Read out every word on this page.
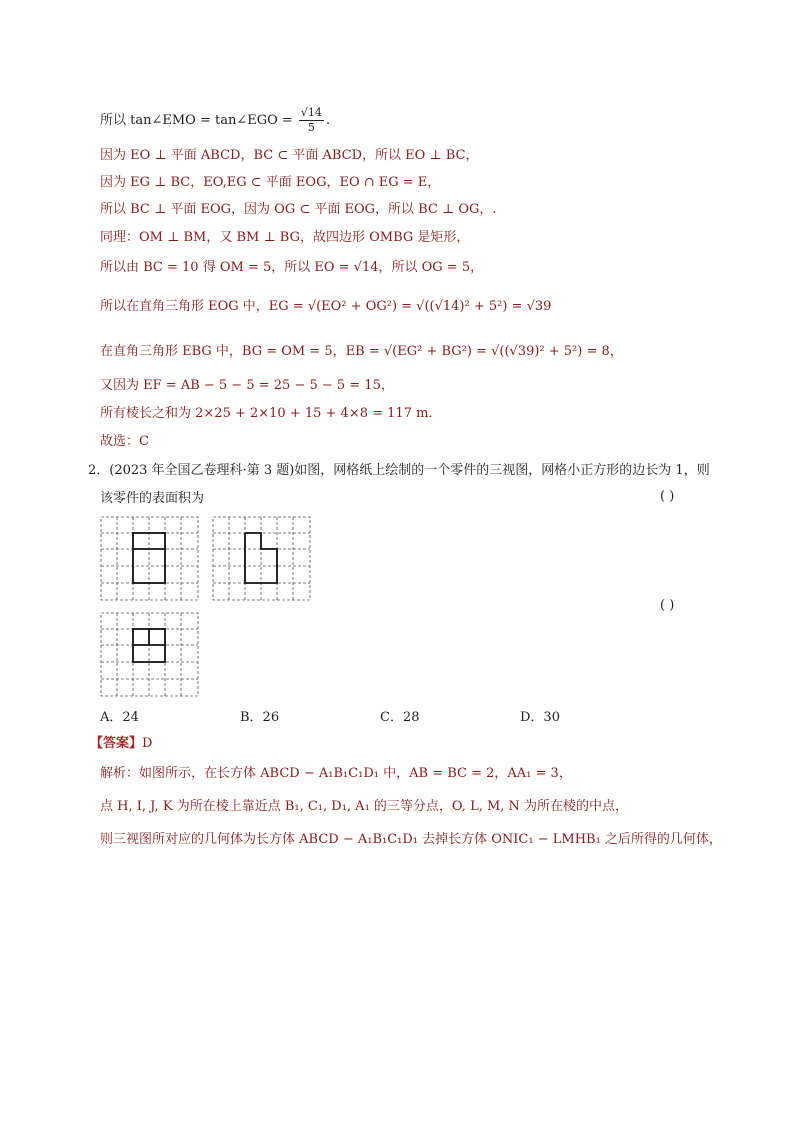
所以 tan∠EMO = tan∠EGO = $\frac{√14}{5}$ .
因为 EO ⊥ 平面 ABCD，BC ⊂ 平面 ABCD，所以 EO ⊥ BC，
因为 EG ⊥ BC，EO,EG ⊂ 平面 EOG，EO ∩ EG = E，
所以 BC ⊥ 平面 EOG，因为 OG ⊂ 平面 EOG，所以 BC ⊥ OG，.
同理：OM ⊥ BM，又 BM ⊥ BG，故四边形 OMBG 是矩形，
所以由 BC = 10 得 OM = 5，所以 EO = √14，所以 OG = 5，
所以在直角三角形 EOG 中，EG = √(EO² + OG²) = √((√14)² + 5²) = √39
在直角三角形 EBG 中，BG = OM = 5，EB = √(EG² + BG²) = √((√39)² + 5²) = 8，
又因为 EF = AB − 5 − 5 = 25 − 5 − 5 = 15，
所有棱长之和为 2×25 + 2×10 + 15 + 4×8 = 117 m．
故选：C
2．(2023 年全国乙卷理科·第 3 题)如图，网格纸上绘制的一个零件的三视图，网格小正方形的边长为 1，则
该零件的表面积为	( )
( )
A．24	B．26	C．28	D．30
【答案】D
解析：如图所示，在长方体 ABCD − A₁B₁C₁D₁ 中，AB = BC = 2，AA₁ = 3，
点 H, I, J, K 为所在棱上靠近点 B₁, C₁, D₁, A₁ 的三等分点，O, L, M, N 为所在棱的中点，
则三视图所对应的几何体为长方体 ABCD − A₁B₁C₁D₁ 去掉长方体 ONIC₁ − LMHB₁ 之后所得的几何体，
